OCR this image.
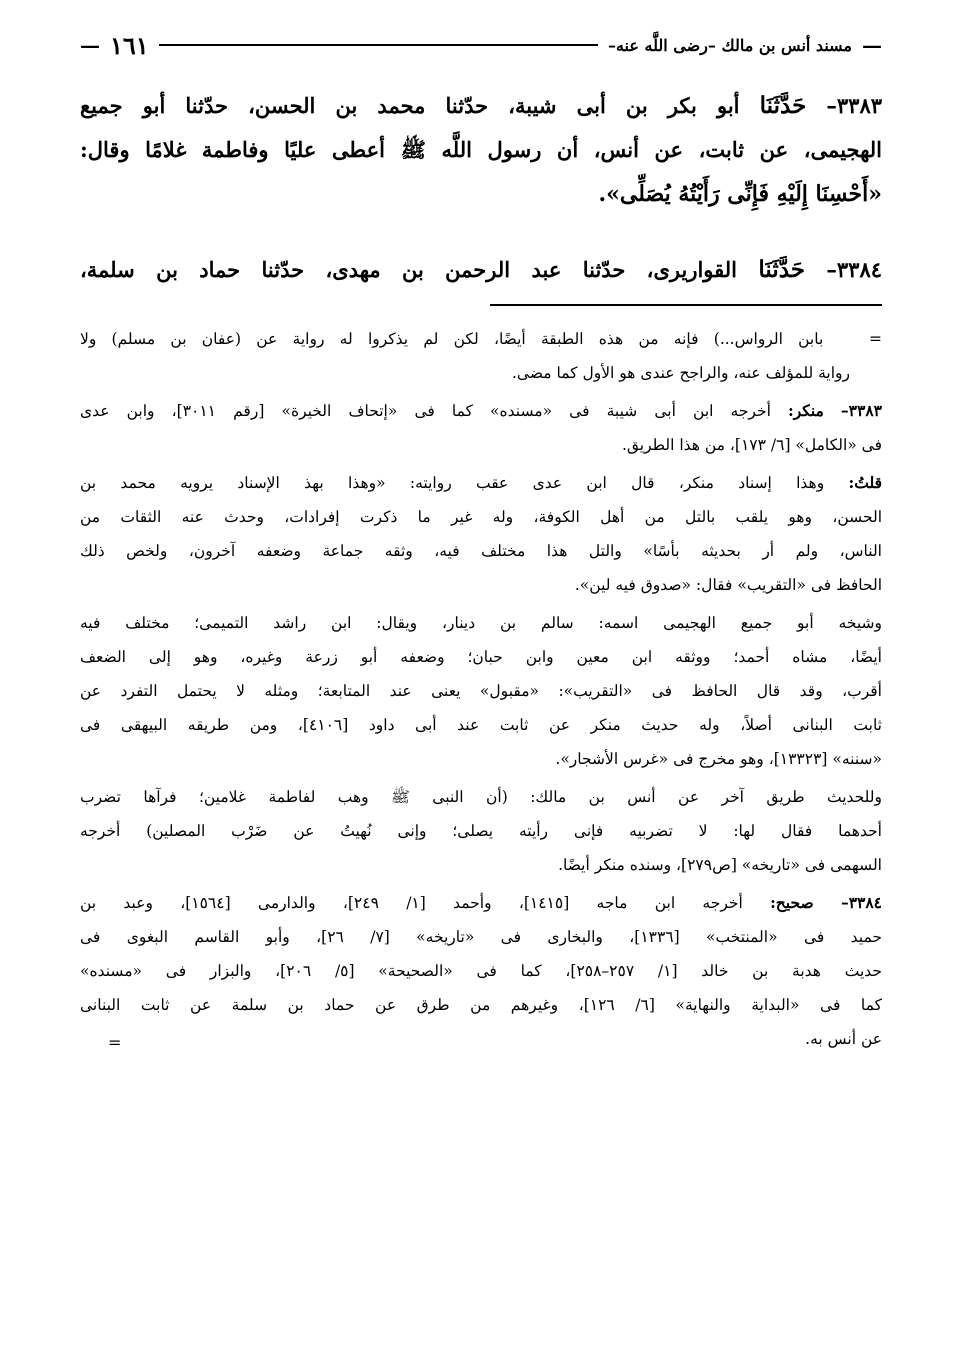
—
مسند أنس بن مالك –رضى اللَّه عنه–
١٦١
—
٣٣٨٣– حَدَّثَنَا أبو بكر بن أبى شيبة، حدّثنا محمد بن الحسن، حدّثنا أبو جميع
الهجيمى، عن ثابت، عن أنس، أن رسول اللَّه ﷺ أعطى عليًا وفاطمة غلامًا وقال:
«أَحْسِنَا إِلَيْهِ فَإِنِّى رَأَيْتُهُ يُصَلِّى».
٣٣٨٤– حَدَّثَنَا القواريرى، حدّثنا عبد الرحمن بن مهدى، حدّثنا حماد بن سلمة،
=   بابن الرواس...) فإنه من هذه الطبقة أيضًا، لكن لم يذكروا له رواية عن (عفان بن مسلم) ولا
رواية للمؤلف عنه، والراجح عندى هو الأول كما مضى.
٣٣٨٣– منكر: أخرجه ابن أبى شيبة فى «مسنده» كما فى «إتحاف الخيرة» [رقم ٣٠١١]، وابن عدى
فى «الكامل» [٦/ ١٧٣]، من هذا الطريق.
قلتُ: وهذا إسناد منكر، قال ابن عدى عقب روايته: «وهذا بهذ الإسناد يرويه محمد بن
الحسن، وهو يلقب بالتل من أهل الكوفة، وله غير ما ذكرت إفرادات، وحدث عنه الثقات من
الناس، ولم أر بحديثه بأسًا» والتل هذا مختلف فيه، وثقه جماعة وضعفه آخرون، ولخص ذلك
الحافظ فى «التقريب» فقال: «صدوق فيه لين».
وشيخه أبو جميع الهجيمى اسمه: سالم بن دينار، ويقال: ابن راشد التميمى؛ مختلف فيه
أيضًا، مشاه أحمد؛ ووثقه ابن معين وابن حبان؛ وضعفه أبو زرعة وغيره، وهو إلى الضعف
أقرب، وقد قال الحافظ فى «التقريب»: «مقبول» يعنى عند المتابعة؛ ومثله لا يحتمل التفرد عن
ثابت البنانى أصلاً، وله حديث منكر عن ثابت عند أبى داود [٤١٠٦]، ومن طريقه البيهقى فى
«سننه» [١٣٣٢٣]، وهو مخرج فى «غرس الأشجار».
وللحديث طريق آخر عن أنس بن مالك: (أن النبى ﷺ وهب لفاطمة غلامين؛ فرآها تضرب
أحدهما فقال لها: لا تضربيه فإنى رأيته يصلى؛ وإنى نُهيتُ عن ضَرْب المصلين) أخرجه
السهمى فى «تاريخه» [ص٢٧٩]، وسنده منكر أيضًا.
٣٣٨٤– صحيح: أخرجه ابن ماجه [١٤١٥]، وأحمد [١/ ٢٤٩]، والدارمى [١٥٦٤]، وعبد بن
حميد فى «المنتخب» [١٣٣٦]، والبخارى فى «تاريخه» [٧/ ٢٦]، وأبو القاسم البغوى فى
حديث هدبة بن خالد [١/ ٢٥٧–٢٥٨]، كما فى «الصحيحة» [٥/ ٢٠٦]، والبزار فى «مسنده»
كما فى «البداية والنهاية» [٦/ ١٢٦]، وغيرهم من طرق عن حماد بن سلمة عن ثابت البنانى
عن أنس به.
=
